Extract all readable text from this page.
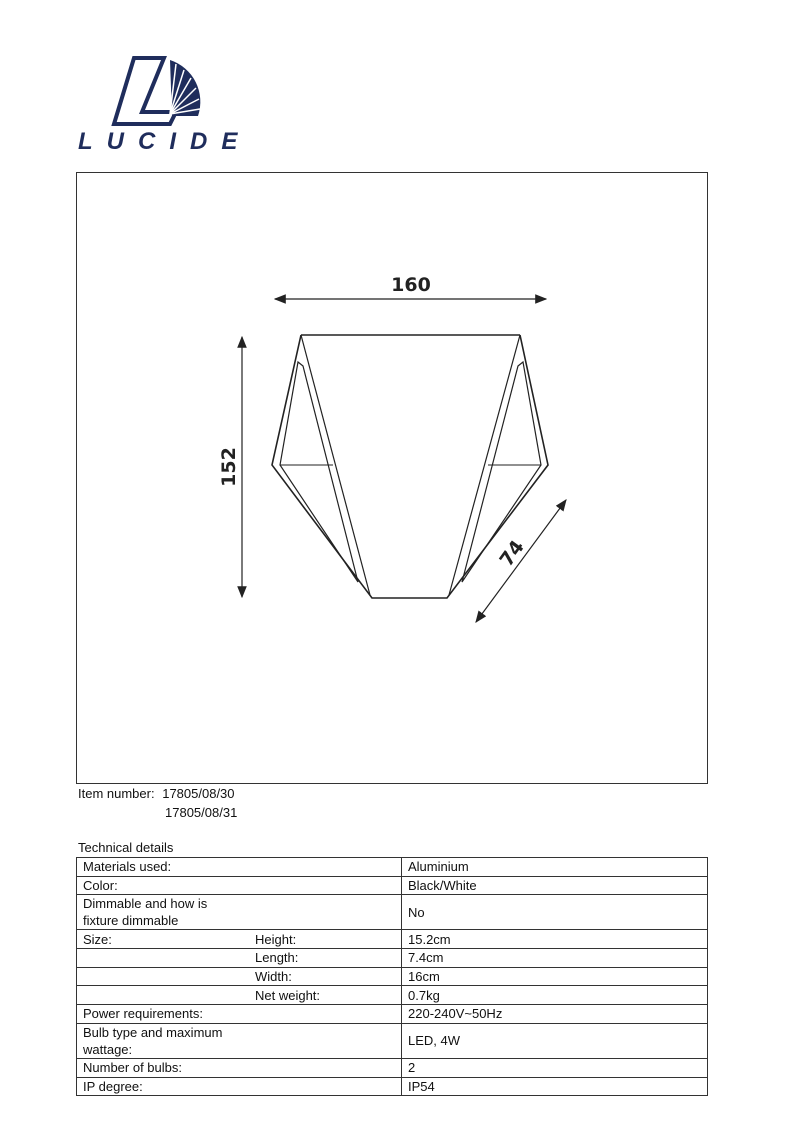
LUCIDE
160
152
74
Item number: 17805/08/30
17805/08/31
Technical details
Materials used:		Aluminium
Color:		Black/White
Dimmable and how is fixture dimmable		No
Size:	Height:	15.2cm
	Length:	7.4cm
	Width:	16cm
	Net weight:	0.7kg
Power requirements:		220-240V~50Hz
Bulb type and maximum wattage:		LED, 4W
Number of bulbs:		2
IP degree:		IP54
